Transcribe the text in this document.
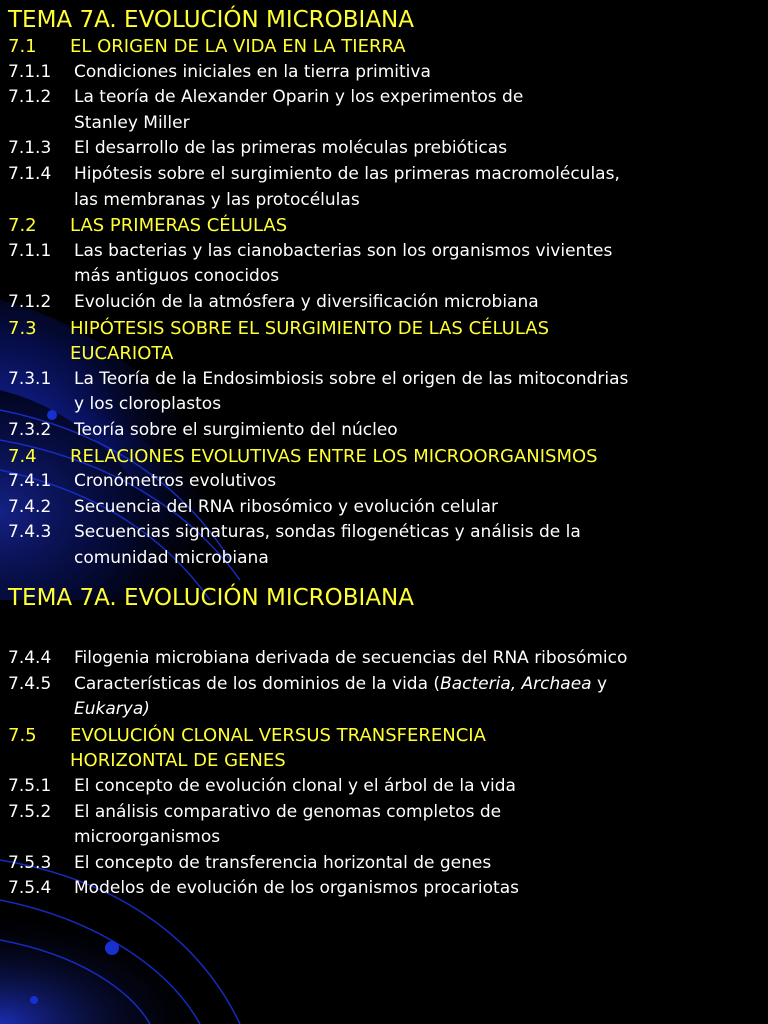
TEMA 7A. EVOLUCIÓN MICROBIANA
7.1	EL ORIGEN DE LA VIDA EN LA TIERRA
7.1.1	Condiciones iniciales en la tierra primitiva
7.1.2	La teoría de Alexander Oparin y los experimentos de
Stanley Miller
7.1.3	El desarrollo de las primeras moléculas prebióticas
7.1.4	Hipótesis sobre el surgimiento de las primeras macromoléculas,
las membranas y las protocélulas
7.2	LAS PRIMERAS CÉLULAS
7.1.1	Las bacterias y las cianobacterias son los organismos vivientes
más antiguos conocidos
7.1.2	Evolución de la atmósfera y diversificación microbiana
7.3	HIPÓTESIS SOBRE EL SURGIMIENTO DE LAS CÉLULAS
EUCARIOTA
7.3.1	La Teoría de la Endosimbiosis sobre el origen de las mitocondrias
y los cloroplastos
7.3.2	Teoría sobre el surgimiento del núcleo
7.4	RELACIONES EVOLUTIVAS ENTRE LOS MICROORGANISMOS
7.4.1	Cronómetros evolutivos
7.4.2	Secuencia del RNA ribosómico y evolución celular
7.4.3	Secuencias signaturas, sondas filogenéticas y análisis de la
comunidad microbiana
TEMA 7A. EVOLUCIÓN MICROBIANA
7.4.4	Filogenia microbiana derivada de secuencias del RNA ribosómico
7.4.5	Características de los dominios de la vida (Bacteria, Archaea y
Eukarya)
7.5	EVOLUCIÓN CLONAL VERSUS TRANSFERENCIA
HORIZONTAL DE GENES
7.5.1	El concepto de evolución clonal y el árbol de la vida
7.5.2	El análisis comparativo de genomas completos de
microorganismos
7.5.3	El concepto de transferencia horizontal de genes
7.5.4	Modelos de evolución de los organismos procariotas
